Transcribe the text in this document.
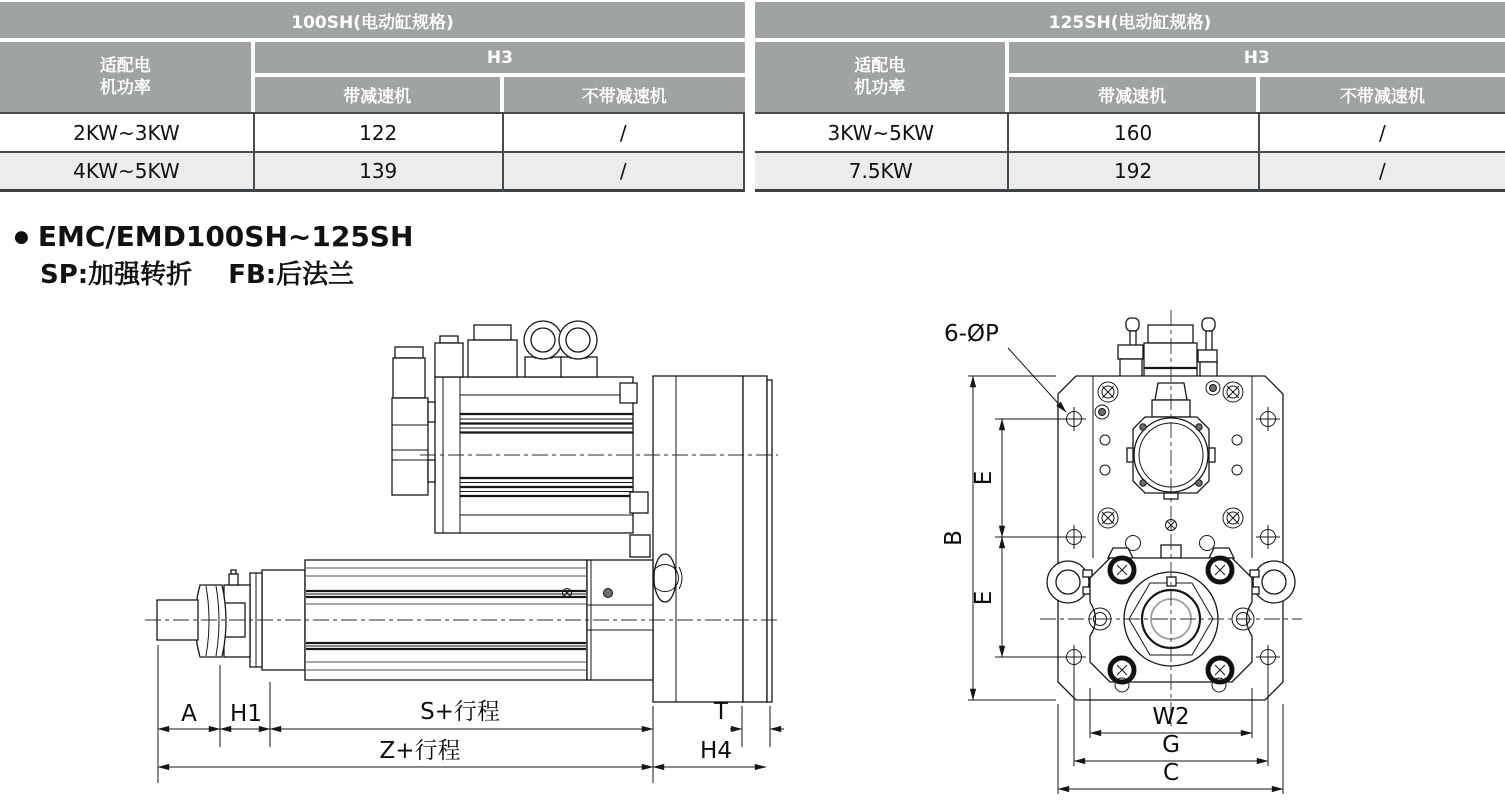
100SH(电动缸规格)		
适配电
机功率	H3	
	带减速机	不带减速机
2KW~3KW	122	/
4KW~5KW	139	/
125SH(电动缸规格)		
适配电
机功率	H3	
	带减速机	不带减速机
3KW~5KW	160	/
7.5KW	192	/
● EMC/EMD100SH~125SH
SP:加强转折 FB:后法兰
A H1	S+行程	T
Z+行程	H4
B
E
E
6-ØP
W2
G
C
